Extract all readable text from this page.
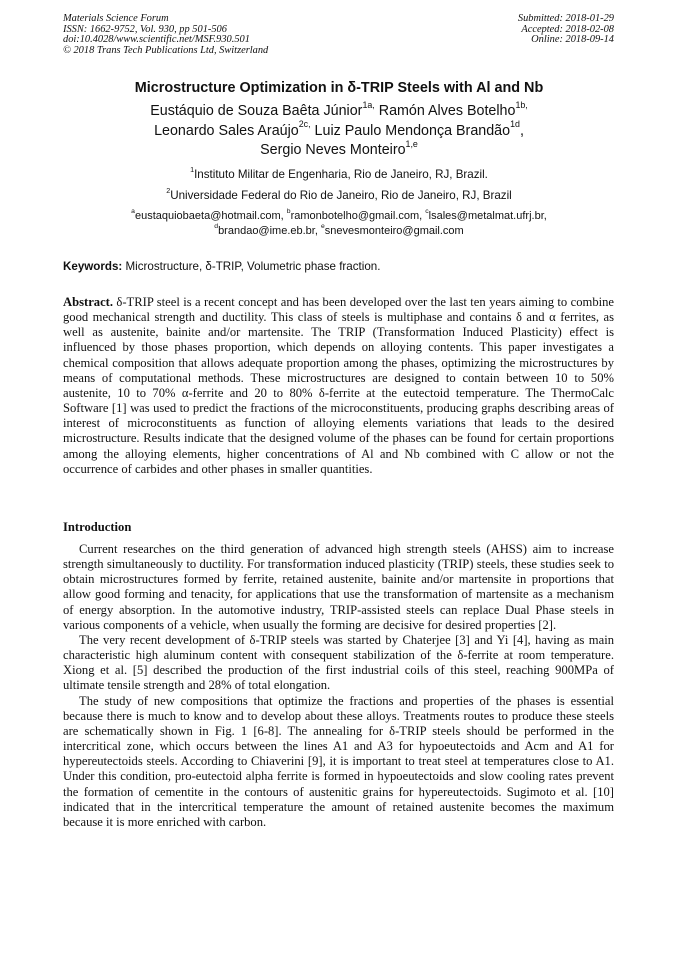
Materials Science Forum
ISSN: 1662-9752, Vol. 930, pp 501-506
doi:10.4028/www.scientific.net/MSF.930.501
© 2018 Trans Tech Publications Ltd, Switzerland
Submitted: 2018-01-29
Accepted: 2018-02-08
Online: 2018-09-14
Microstructure Optimization in δ-TRIP Steels with Al and Nb
Eustáquio de Souza Baêta Júnior$^{1a,}$ Ramón Alves Botelho$^{1b,}$
Leonardo Sales Araújo$^{2c,}$ Luiz Paulo Mendonça Brandão$^{1d}$,
Sergio Neves Monteiro$^{1,e}$
$^1$Instituto Militar de Engenharia, Rio de Janeiro, RJ, Brazil.
$^2$Universidade Federal do Rio de Janeiro, Rio de Janeiro, RJ, Brazil
$^a$eustaquiobaeta@hotmail.com, $^b$ramonbotelho@gmail.com, $^c$lsales@metalmat.ufrj.br,
$^d$brandao@ime.eb.br, $^e$snevesmonteiro@gmail.com
Keywords: Microstructure, δ-TRIP, Volumetric phase fraction.
Abstract. δ-TRIP steel is a recent concept and has been developed over the last ten years aiming to combine good mechanical strength and ductility. This class of steels is multiphase and contains δ and α ferrites, as well as austenite, bainite and/or martensite. The TRIP (Transformation Induced Plasticity) effect is influenced by those phases proportion, which depends on alloying contents. This paper investigates a chemical composition that allows adequate proportion among the phases, optimizing the microstructures by means of computational methods. These microstructures are designed to contain between 10 to 50% austenite, 10 to 70% α-ferrite and 20 to 80% δ-ferrite at the eutectoid temperature. The ThermoCalc Software [1] was used to predict the fractions of the microconstituents, producing graphs describing areas of interest of microconstituents as function of alloying elements variations that leads to the desired microstructure. Results indicate that the designed volume of the phases can be found for certain proportions among the alloying elements, higher concentrations of Al and Nb combined with C allow or not the occurrence of carbides and other phases in smaller quantities.
Introduction

Current researches on the third generation of advanced high strength steels (AHSS) aim to increase strength simultaneously to ductility. For transformation induced plasticity (TRIP) steels, these studies seek to obtain microstructures formed by ferrite, retained austenite, bainite and/or martensite in proportions that allow good forming and tenacity, for applications that use the transformation of martensite as a mechanism of energy absorption. In the automotive industry, TRIP-assisted steels can replace Dual Phase steels in various components of a vehicle, when usually the forming are decisive for desired properties [2].

The very recent development of δ-TRIP steels was started by Chaterjee [3] and Yi [4], having as main characteristic high aluminum content with consequent stabilization of the δ-ferrite at room temperature. Xiong et al. [5] described the production of the first industrial coils of this steel, reaching 900MPa of ultimate tensile strength and 28% of total elongation.

The study of new compositions that optimize the fractions and properties of the phases is essential because there is much to know and to develop about these alloys. Treatments routes to produce these steels are schematically shown in Fig. 1 [6-8]. The annealing for δ-TRIP steels should be performed in the intercritical zone, which occurs between the lines A1 and A3 for hypoeutectoids and Acm and A1 for hypereutectoids steels. According to Chiaverini [9], it is important to treat steel at temperatures close to A1. Under this condition, pro-eutectoid alpha ferrite is formed in hypoeutectoids and slow cooling rates prevent the formation of cementite in the contours of austenitic grains for hypereutectoids. Sugimoto et al. [10] indicated that in the intercritical temperature the amount of retained austenite becomes the maximum because it is more enriched with carbon.
